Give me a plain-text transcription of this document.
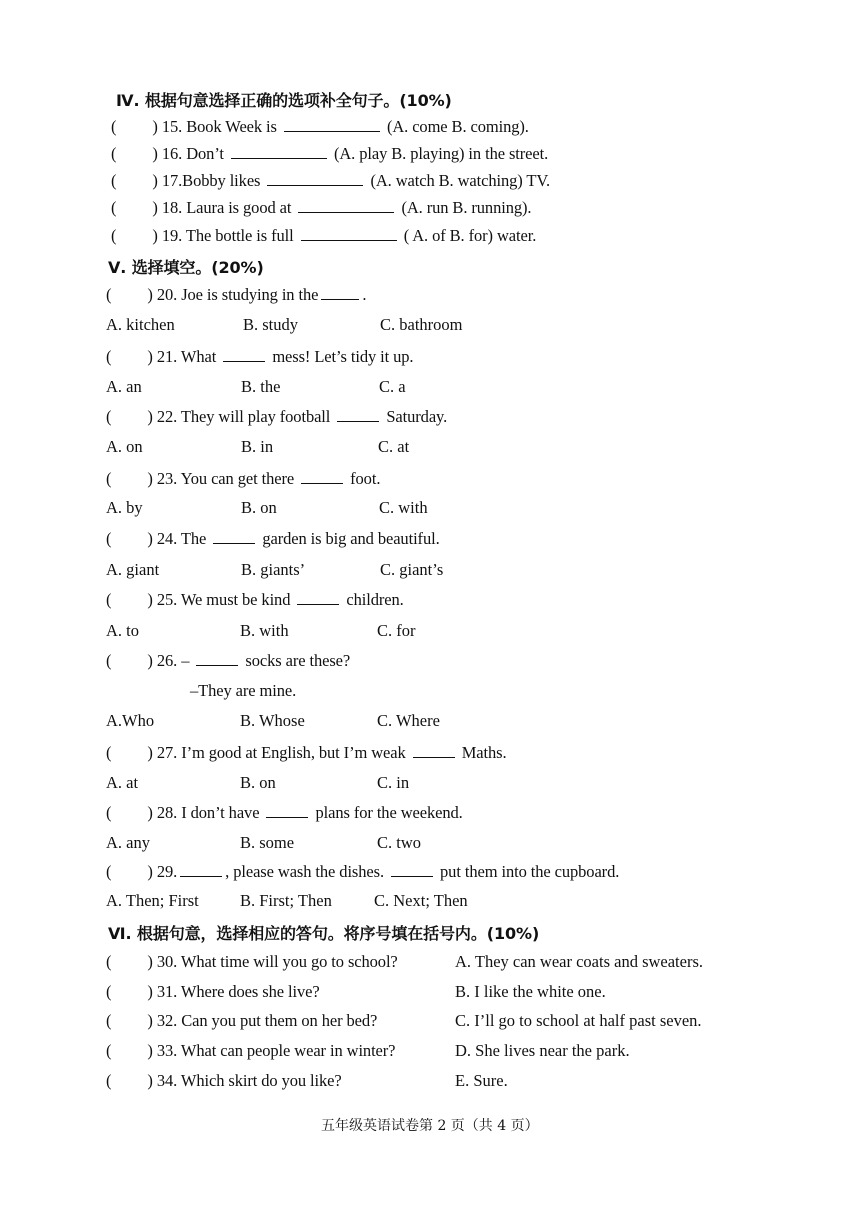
Ⅳ. 根据句意选择正确的选项补全句子。(10%)
( ) 15. Book Week is	(A. come B. coming).
( ) 16. Don’t	(A. play B. playing) in the street.
( ) 17.Bobby likes	(A. watch B. watching) TV.
( ) 18. Laura is good at	(A. run B. running).
( ) 19. The bottle is full	( A. of B. for) water.
Ⅴ. 选择填空。(20%)
( ) 20. Joe is studying in the	.
A. kitchen	B. study	C. bathroom
( ) 21. What	mess! Let’s tidy it up.
A. an	B. the	C. a
( ) 22. They will play football	Saturday.
A. on	B. in	C. at
( ) 23. You can get there	foot.
A. by	B. on	C. with
( ) 24. The	garden is big and beautiful.
A. giant	B. giants’	C. giant’s
( ) 25. We must be kind	children.
A. to	B. with	C. for
( ) 26. –	socks are these?
–They are mine.
A.Who	B. Whose	C. Where
( ) 27. I’m good at English, but I’m weak	Maths.
A. at	B. on	C. in
( ) 28. I don’t have	plans for the weekend.
A. any	B. some	C. two
( ) 29.	, please wash the dishes.	put them into the cupboard.
A. Then; First	B. First; Then	C. Next; Then
Ⅵ. 根据句意，选择相应的答句。将序号填在括号内。(10%)
( ) 30. What time will you go to school?	A. They can wear coats and sweaters.
( ) 31. Where does she live?	B. I like the white one.
( ) 32. Can you put them on her bed?	C. I’ll go to school at half past seven.
( ) 33. What can people wear in winter?	D. She lives near the park.
( ) 34. Which skirt do you like?	E. Sure.
五年级英语试卷第 2 页（共 4 页）
